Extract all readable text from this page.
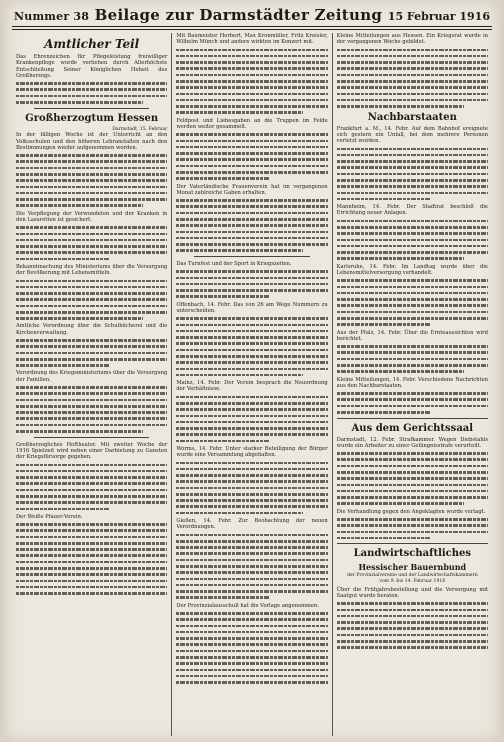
Nummer 38 Beilage zur Darmstädter Zeitung 15 Februar 1916
Amtlicher Teil

Das Ehrenzeichen für Pflegeleistung freiwilliger Krankenpflege wurde verliehen durch Allerhöchste Entschließung Seiner Königlichen Hoheit des Großherzogs.

Großherzogtum Hessen
Darmstadt, 15. Februar

In der fälligen Woche ist der Unterricht an den Volksschulen und den höheren Lehranstalten nach den Bestimmungen wieder aufgenommen worden.

Die Verpflegung der Verwundeten und der Kranken in den Lazaretten ist gesichert.

Bekanntmachung des Ministeriums über die Versorgung der Bevölkerung mit Lebensmitteln.

Amtliche Verordnung über die Schulbücherei und die Kirchenverwaltung.

Verordnung des Kriegsministeriums über die Versorgung der Familien.

Großherzogliches Hoftheater. Mit zweiter Woche der 1916 Spielzeit wird neben einer Darbietung zu Gunsten der Kriegsfürsorge gegeben.

Der Weiße Pfauer-Verein.

Mit Baumeister Herbert, Max Kronmüller, Fritz Kreisler, Wilhelm Münch und andere wirkten im Konzert mit.

Feldpost und Liebesgaben an die Truppen im Felde werden weiter gesammelt.

Der Vaterländische Frauenverein hat im vergangenen Monat zahlreiche Gaben erhalten.

Das Turnfest und der Sport in Kriegszeiten.

Offenbach, 14. Febr. Das von 26 am Wege Nummern zu unterscheiden.

Mainz, 14. Febr. Der Verein besprach die Neuordnung der Verhältnisse.

Worms, 14. Febr. Unter starker Beteiligung der Bürger wurde eine Versammlung abgehalten.

Gießen, 14. Febr. Zur Beobachtung der neuen Verordnungen.

Der Provinzialausschuß hat die Vorlage angenommen.

Kleine Mitteilungen aus Hessen. Ein Kriegsrat wurde in der vergangenen Woche gebildet.

Nachbarstaaten

Frankfurt a. M., 14. Febr. Auf dem Bahnhof ereignete sich gestern ein Unfall, bei dem mehrere Personen verletzt wurden.

Mannheim, 14. Febr. Der Stadtrat beschloß die Errichtung neuer Anlagen.

Karlsruhe, 14. Febr. Im Landtag wurde über die Lebensmittelversorgung verhandelt.

Aus der Pfalz, 14. Febr. Über die Ernteaussichten wird berichtet.

Kleine Mitteilungen, 14. Febr. Verschiedene Nachrichten aus den Nachbarstaaten.

Aus dem Gerichtssaal

Darmstadt, 12. Febr. Strafkammer. Wegen Diebstahls wurde ein Arbeiter zu einer Gefängnisstrafe verurteilt.

Die Verhandlung gegen den Angeklagten wurde vertagt.

Landwirtschaftliches
Hessischer Bauernbund
der Provinzialvereine und der Landwirtschaftskammern
vom 9. bis 14. Februar 1916

Über die Frühjahrsbestellung und die Versorgung mit Saatgut wurde beraten.
